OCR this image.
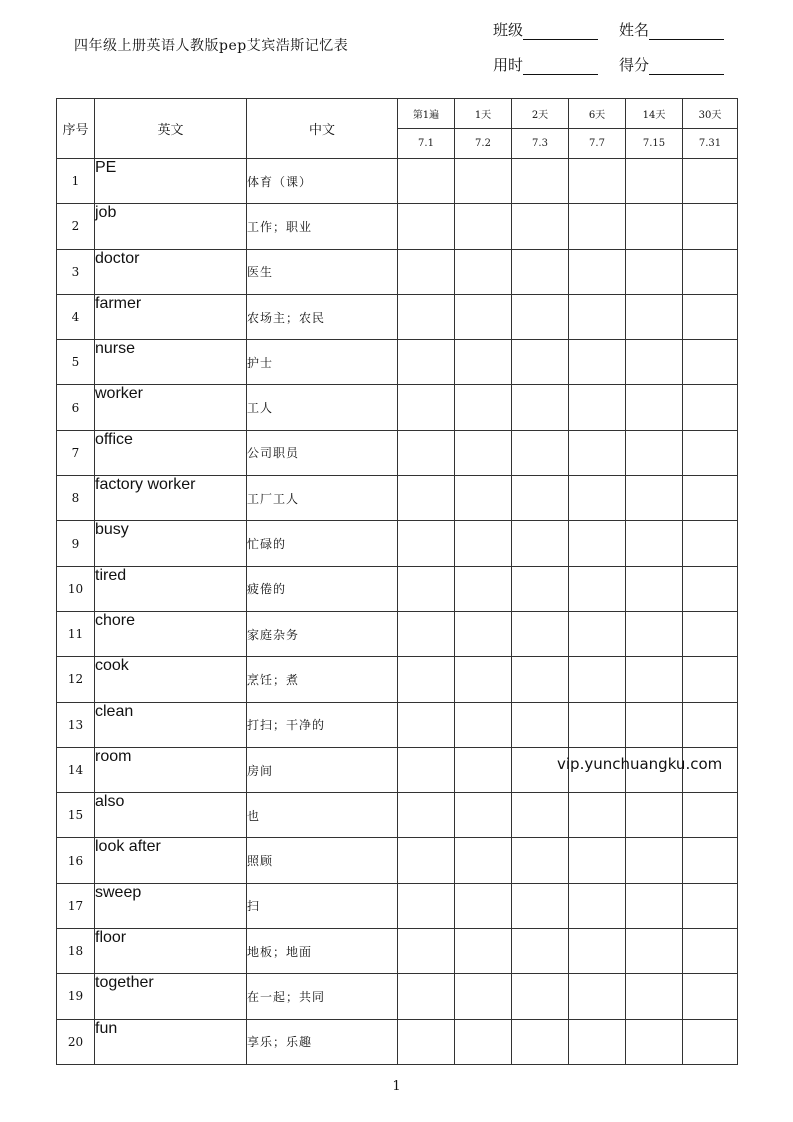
四年级上册英语人教版pep艾宾浩斯记忆表
班级	姓名
用时	得分
序号	英文	中文	第1遍	1天	2天	6天	14天	30天
			7.1	7.2	7.3	7.7	7.15	7.31
1	PE	体育（课）						
2	job	工作；职业						
3	doctor	医生						
4	farmer	农场主；农民						
5	nurse	护士						
6	worker	工人						
7	office	公司职员						
8	factory worker	工厂工人						
9	busy	忙碌的						
10	tired	疲倦的						
11	chore	家庭杂务						
12	cook	烹饪；煮						
13	clean	打扫；干净的						
14	room	房间						
15	also	也						
16	look after	照顾						
17	sweep	扫						
18	floor	地板；地面						
19	together	在一起；共同						
20	fun	享乐；乐趣						
vip.yunchuangku.com
1
